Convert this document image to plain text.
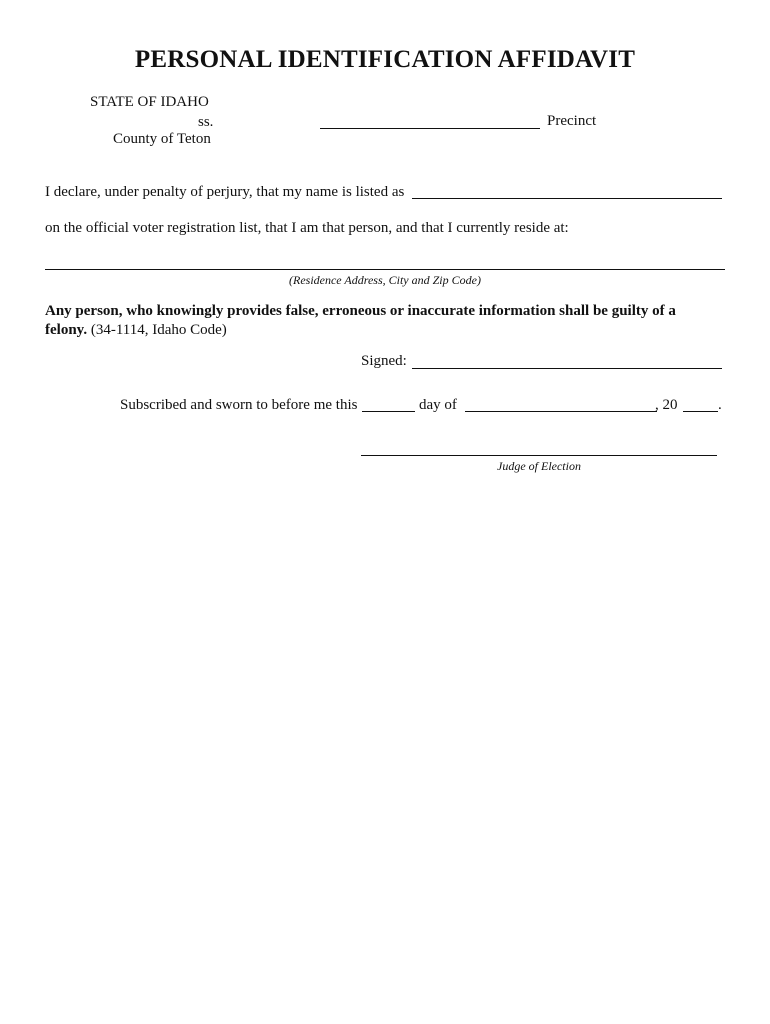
PERSONAL IDENTIFICATION AFFIDAVIT
STATE OF IDAHO
ss.
County of Teton
Precinct
I declare, under penalty of perjury, that my name is listed as
on the official voter registration list, that I am that person, and that I currently reside at:
(Residence Address, City and Zip Code)
Any person, who knowingly provides false, erroneous or inaccurate information shall be guilty of a
felony. (34-1114, Idaho Code)
Signed:
Subscribed and sworn to before me this	day of	, 20	.
Judge of Election
